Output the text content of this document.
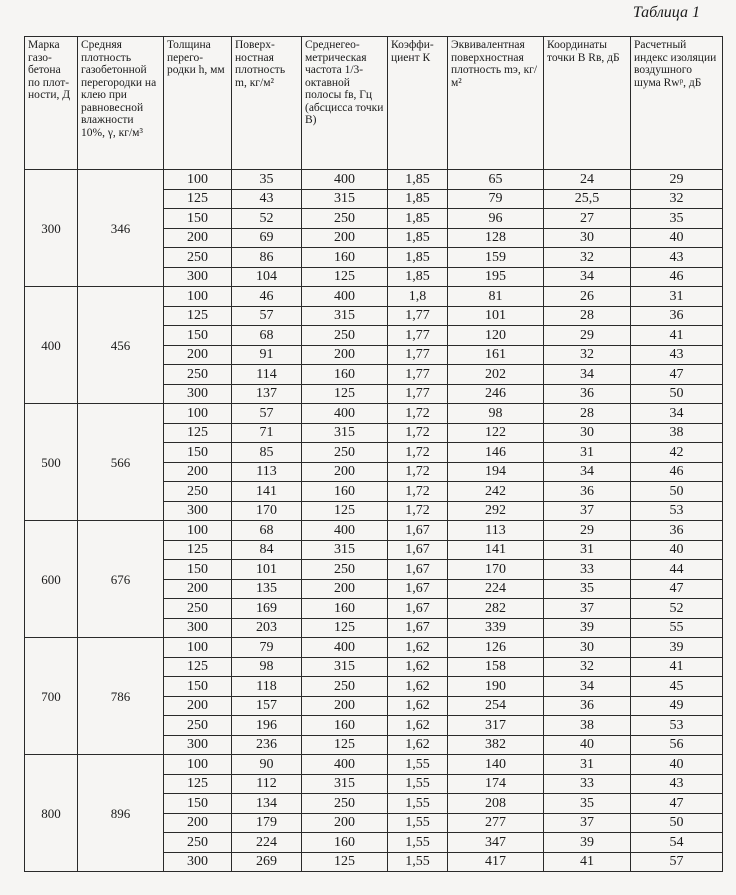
Таблица 1
Марка газо-бетона по плот-ности, Д	Средняя плотность газобетонной перегородки на клею при равновесной влажности 10%, γ, кг/м³	Толщина перего-родки h, мм	Поверх-ностная плотность m, кг/м²	Среднегео-метрическая частота 1/3-октавной полосы fв, Гц (абсцисса точки В)	Коэффи-циент К	Эквивалентная поверхностная плотность mэ, кг/м²	Координаты точки В Rв, дБ	Расчетный индекс изоляции воздушного шума Rwᵖ, дБ
300	346	100	35	400	1,85	65	24	29
		125	43	315	1,85	79	25,5	32
		150	52	250	1,85	96	27	35
		200	69	200	1,85	128	30	40
		250	86	160	1,85	159	32	43
		300	104	125	1,85	195	34	46
400	456	100	46	400	1,8	81	26	31
		125	57	315	1,77	101	28	36
		150	68	250	1,77	120	29	41
		200	91	200	1,77	161	32	43
		250	114	160	1,77	202	34	47
		300	137	125	1,77	246	36	50
500	566	100	57	400	1,72	98	28	34
		125	71	315	1,72	122	30	38
		150	85	250	1,72	146	31	42
		200	113	200	1,72	194	34	46
		250	141	160	1,72	242	36	50
		300	170	125	1,72	292	37	53
600	676	100	68	400	1,67	113	29	36
		125	84	315	1,67	141	31	40
		150	101	250	1,67	170	33	44
		200	135	200	1,67	224	35	47
		250	169	160	1,67	282	37	52
		300	203	125	1,67	339	39	55
700	786	100	79	400	1,62	126	30	39
		125	98	315	1,62	158	32	41
		150	118	250	1,62	190	34	45
		200	157	200	1,62	254	36	49
		250	196	160	1,62	317	38	53
		300	236	125	1,62	382	40	56
800	896	100	90	400	1,55	140	31	40
		125	112	315	1,55	174	33	43
		150	134	250	1,55	208	35	47
		200	179	200	1,55	277	37	50
		250	224	160	1,55	347	39	54
		300	269	125	1,55	417	41	57
